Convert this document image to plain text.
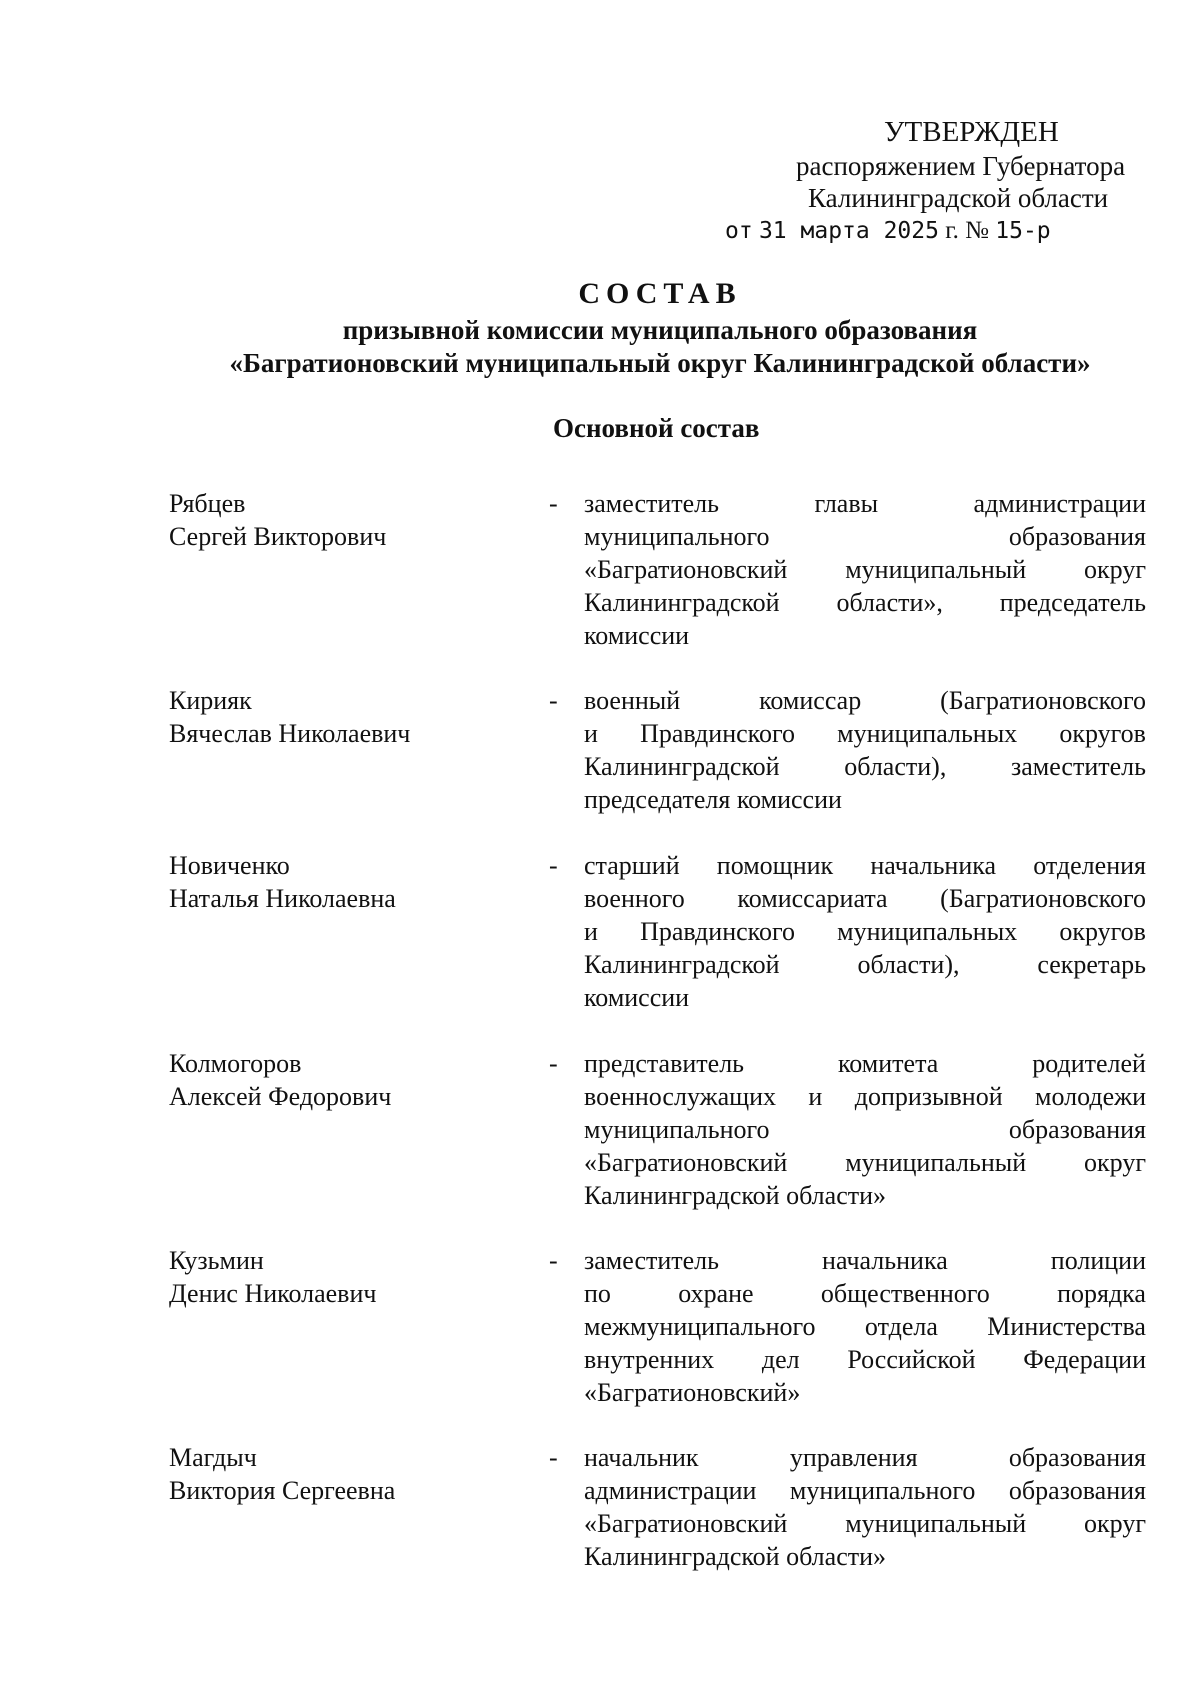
УТВЕРЖДЕН
распоряжением Губернатора
Калининградской области
от 31 марта 2025 г. № 15-р
СОСТАВ
призывной комиссии муниципального образования
«Багратионовский муниципальный округ Калининградской области»
Основной состав
Рябцев
Сергей Викторович
- заместитель	главы	администрации
муниципального	образования
«Багратионовский муниципальный округ
Калининградской области», председатель
комиссии
Кирияк
Вячеслав Николаевич
- военный	комиссар	(Багратионовского
и Правдинского муниципальных округов
Калининградской области), заместитель
председателя комиссии
Новиченко
Наталья Николаевна
- старший помощник начальника отделения
военного комиссариата (Багратионовского
и Правдинского муниципальных округов
Калининградской	области),	секретарь
комиссии
Колмогоров
Алексей Федорович
- представитель	комитета	родителей
военнослужащих и допризывной молодежи
муниципального	образования
«Багратионовский муниципальный округ
Калининградской области»
Кузьмин
Денис Николаевич
- заместитель	начальника	полиции
по	охране	общественного	порядка
межмуниципального отдела Министерства
внутренних дел Российской Федерации
«Багратионовский»
Магдыч
Виктория Сергеевна
- начальник	управления	образования
администрации муниципального образования
«Багратионовский муниципальный округ
Калининградской области»
